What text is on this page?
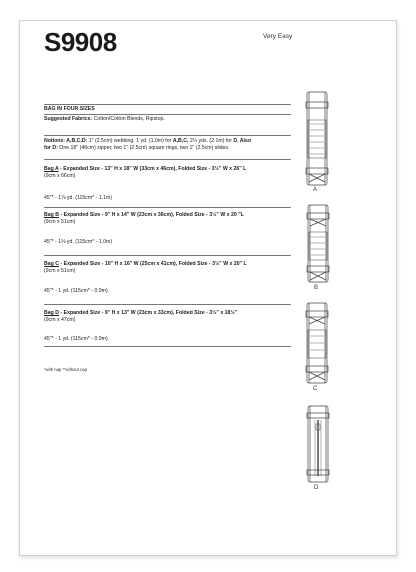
S9908	Very Easy
BAG IN FOUR SIZES
Suggested Fabrics: Cotton/Cotton Blends, Ripstop.
Notions: A,B,C,D: 1" (2.5cm) webbing: 1 yd. (1.0m) for A,B,C, 2¼ yds. (2.1m) for D. Also
for D: One 18" (46cm) zipper, two 1" (2.5cm) square rings, two 1" (2.5cm) slides.
Bag A - Expanded Size - 13" H x 18" W (33cm x 46cm), Folded Size - 3½" W x 26" L
(9cm x 66cm)
45"* - 1⅞ yd. (115cm* - 1.1m)
Bag B - Expanded Size - 9" H x 14" W (23cm x 36cm), Folded Size - 3½" W x 20 "L
(9cm x 51cm)
45"* - 1⅛ yd. (115cm* - 1.0m)
Bag C - Expanded Size - 10" H x 16" W (25cm x 41cm), Folded Size - 3½" W x 20" L
(9cm x 51cm)
45"* - 1 yd. (115cm* - 0.9m)
Bag D - Expanded Size - 9" H x 13" W (23cm x 33cm), Folded Size - 3½" x 18½"
(9cm x 47cm)
45"* - 1 yd. (115cm* - 0.9m)
*with nap **without nap
A
B
C
D
